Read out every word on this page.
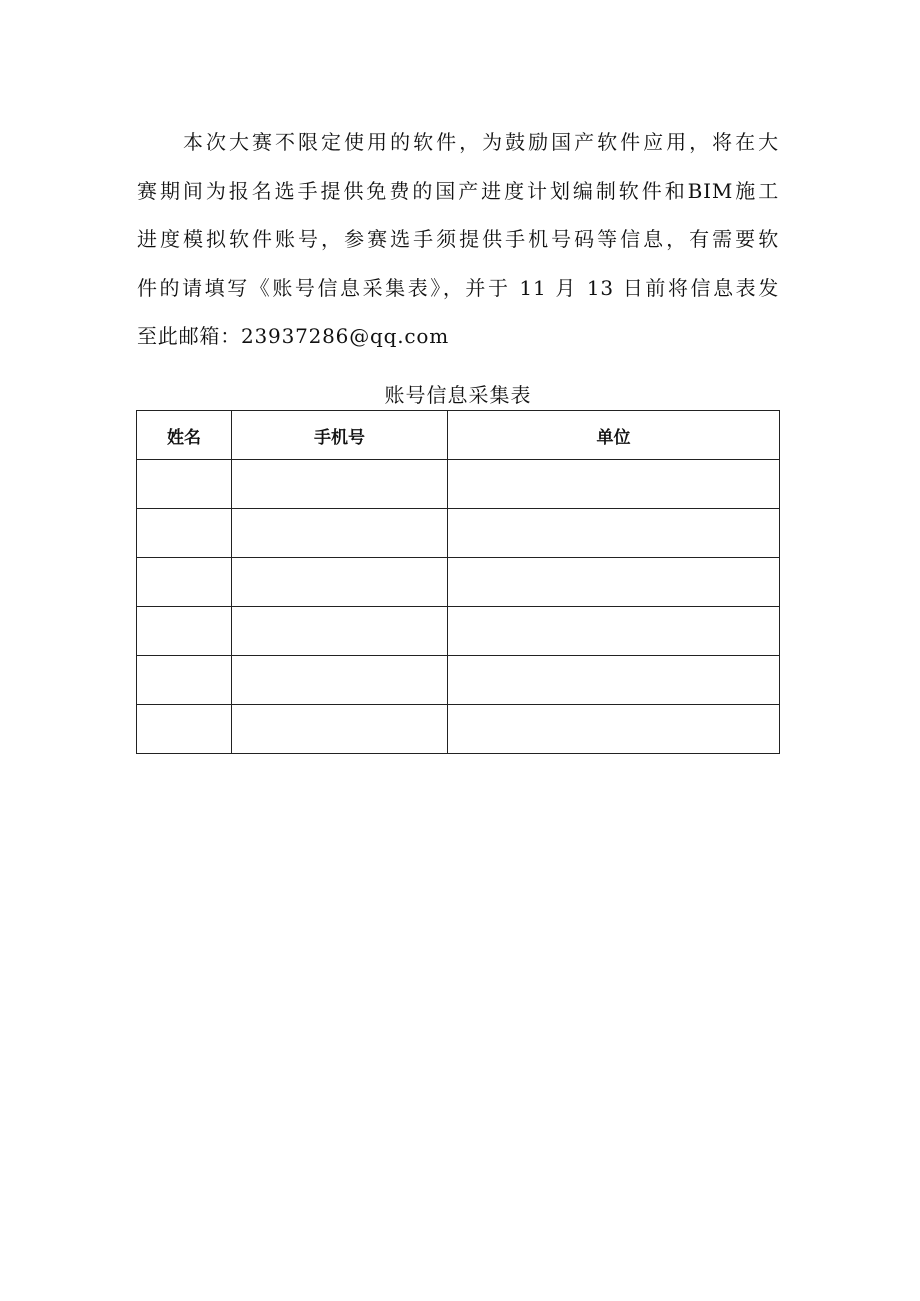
本次大赛不限定使用的软件，为鼓励国产软件应用，将在大
赛期间为报名选手提供免费的国产进度计划编制软件和BIM施工
进度模拟软件账号，参赛选手须提供手机号码等信息，有需要软
件的请填写《账号信息采集表》，并于 11 月 13 日前将信息表发
至此邮箱：23937286@qq.com
账号信息采集表
姓名	手机号	单位
